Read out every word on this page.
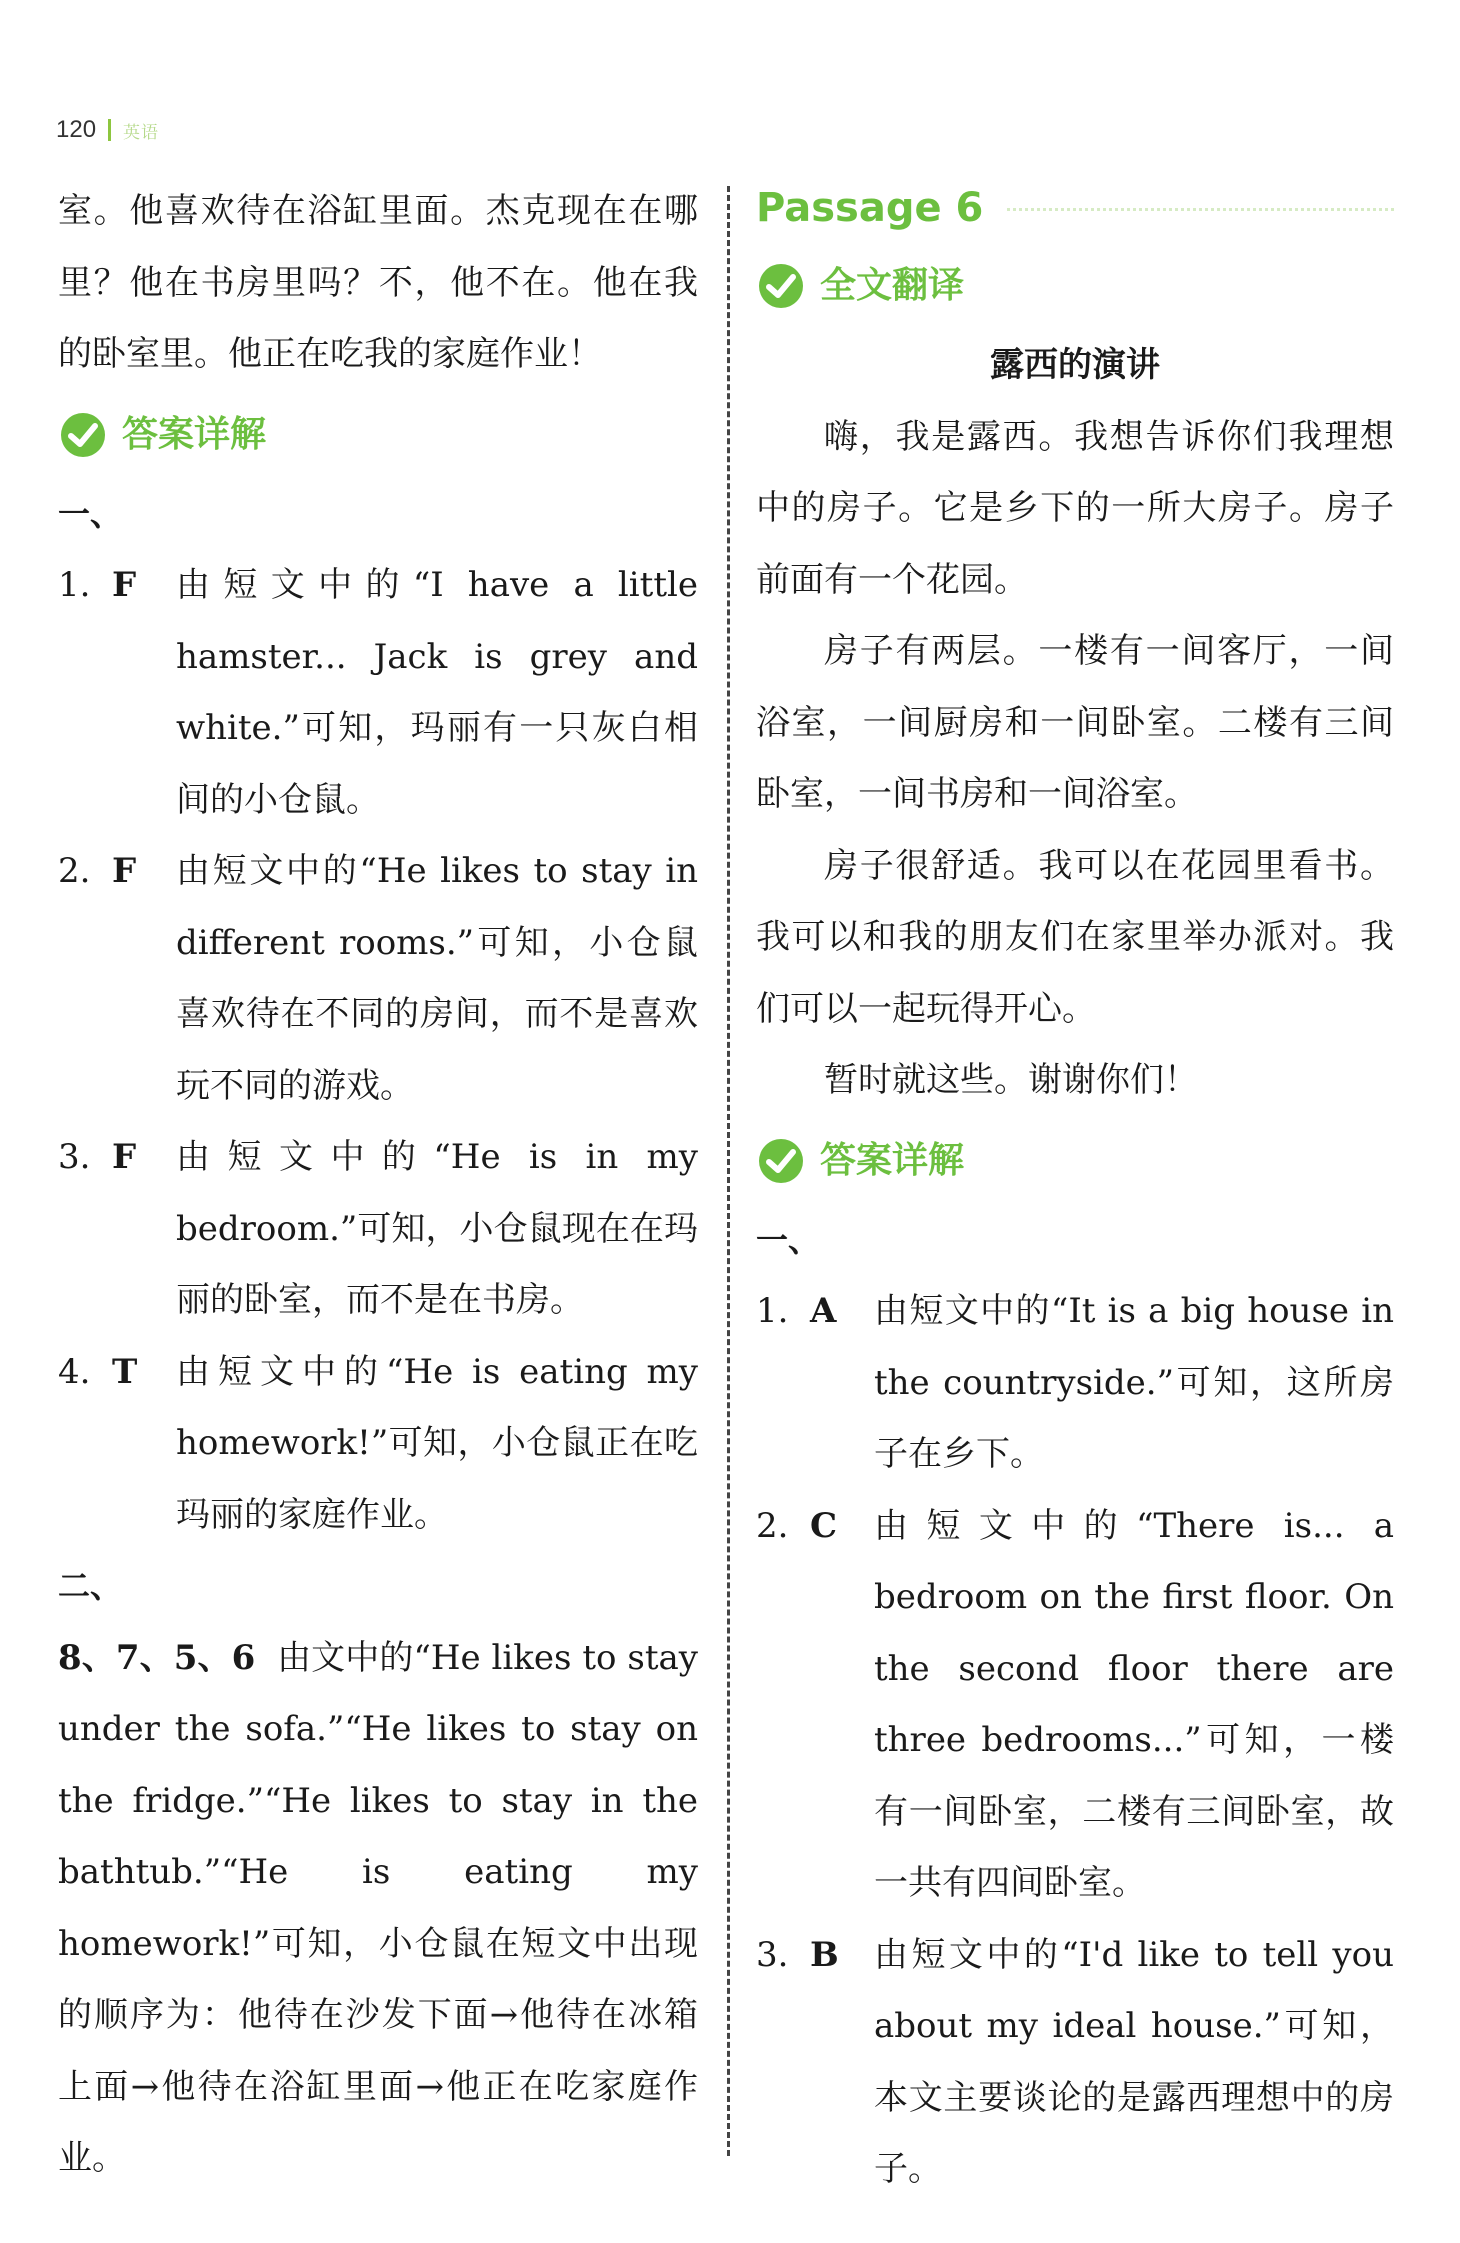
120 英语

室。他喜欢待在浴缸里面。杰克现在在哪里？他在书房里吗？不，他不在。他在我的卧室里。他正在吃我的家庭作业！

答案详解
一、
1. F	由短文中的“I have a little hamster... Jack is grey and white.”可知，玛丽有一只灰白相间的小仓鼠。
2. F	由短文中的“He likes to stay in different rooms.”可知，小仓鼠喜欢待在不同的房间，而不是喜欢玩不同的游戏。
3. F	由短文中的“He is in my bedroom.”可知，小仓鼠现在在玛丽的卧室，而不是在书房。
4. T	由短文中的“He is eating my homework!”可知，小仓鼠正在吃玛丽的家庭作业。
二、

8、7、5、6 由文中的“He likes to stay under the sofa.”“He likes to stay on the fridge.”“He likes to stay in the bathtub.”“He is eating my homework!”可知，小仓鼠在短文中出现的顺序为：他待在沙发下面→他待在冰箱上面→他待在浴缸里面→他正在吃家庭作业。

Passage 6
全文翻译
露西的演讲

嗨，我是露西。我想告诉你们我理想中的房子。它是乡下的一所大房子。房子前面有一个花园。

房子有两层。一楼有一间客厅，一间浴室，一间厨房和一间卧室。二楼有三间卧室，一间书房和一间浴室。

房子很舒适。我可以在花园里看书。我可以和我的朋友们在家里举办派对。我们可以一起玩得开心。

暂时就这些。谢谢你们！

答案详解
一、
1. A	由短文中的“It is a big house in the countryside.”可知，这所房子在乡下。
2. C	由短文中的“There is... a bedroom on the first floor. On the second floor there are three bedrooms...”可知，一楼有一间卧室，二楼有三间卧室，故一共有四间卧室。
3. B	由短文中的“I'd like to tell you about my ideal house.”可知，本文主要谈论的是露西理想中的房子。
